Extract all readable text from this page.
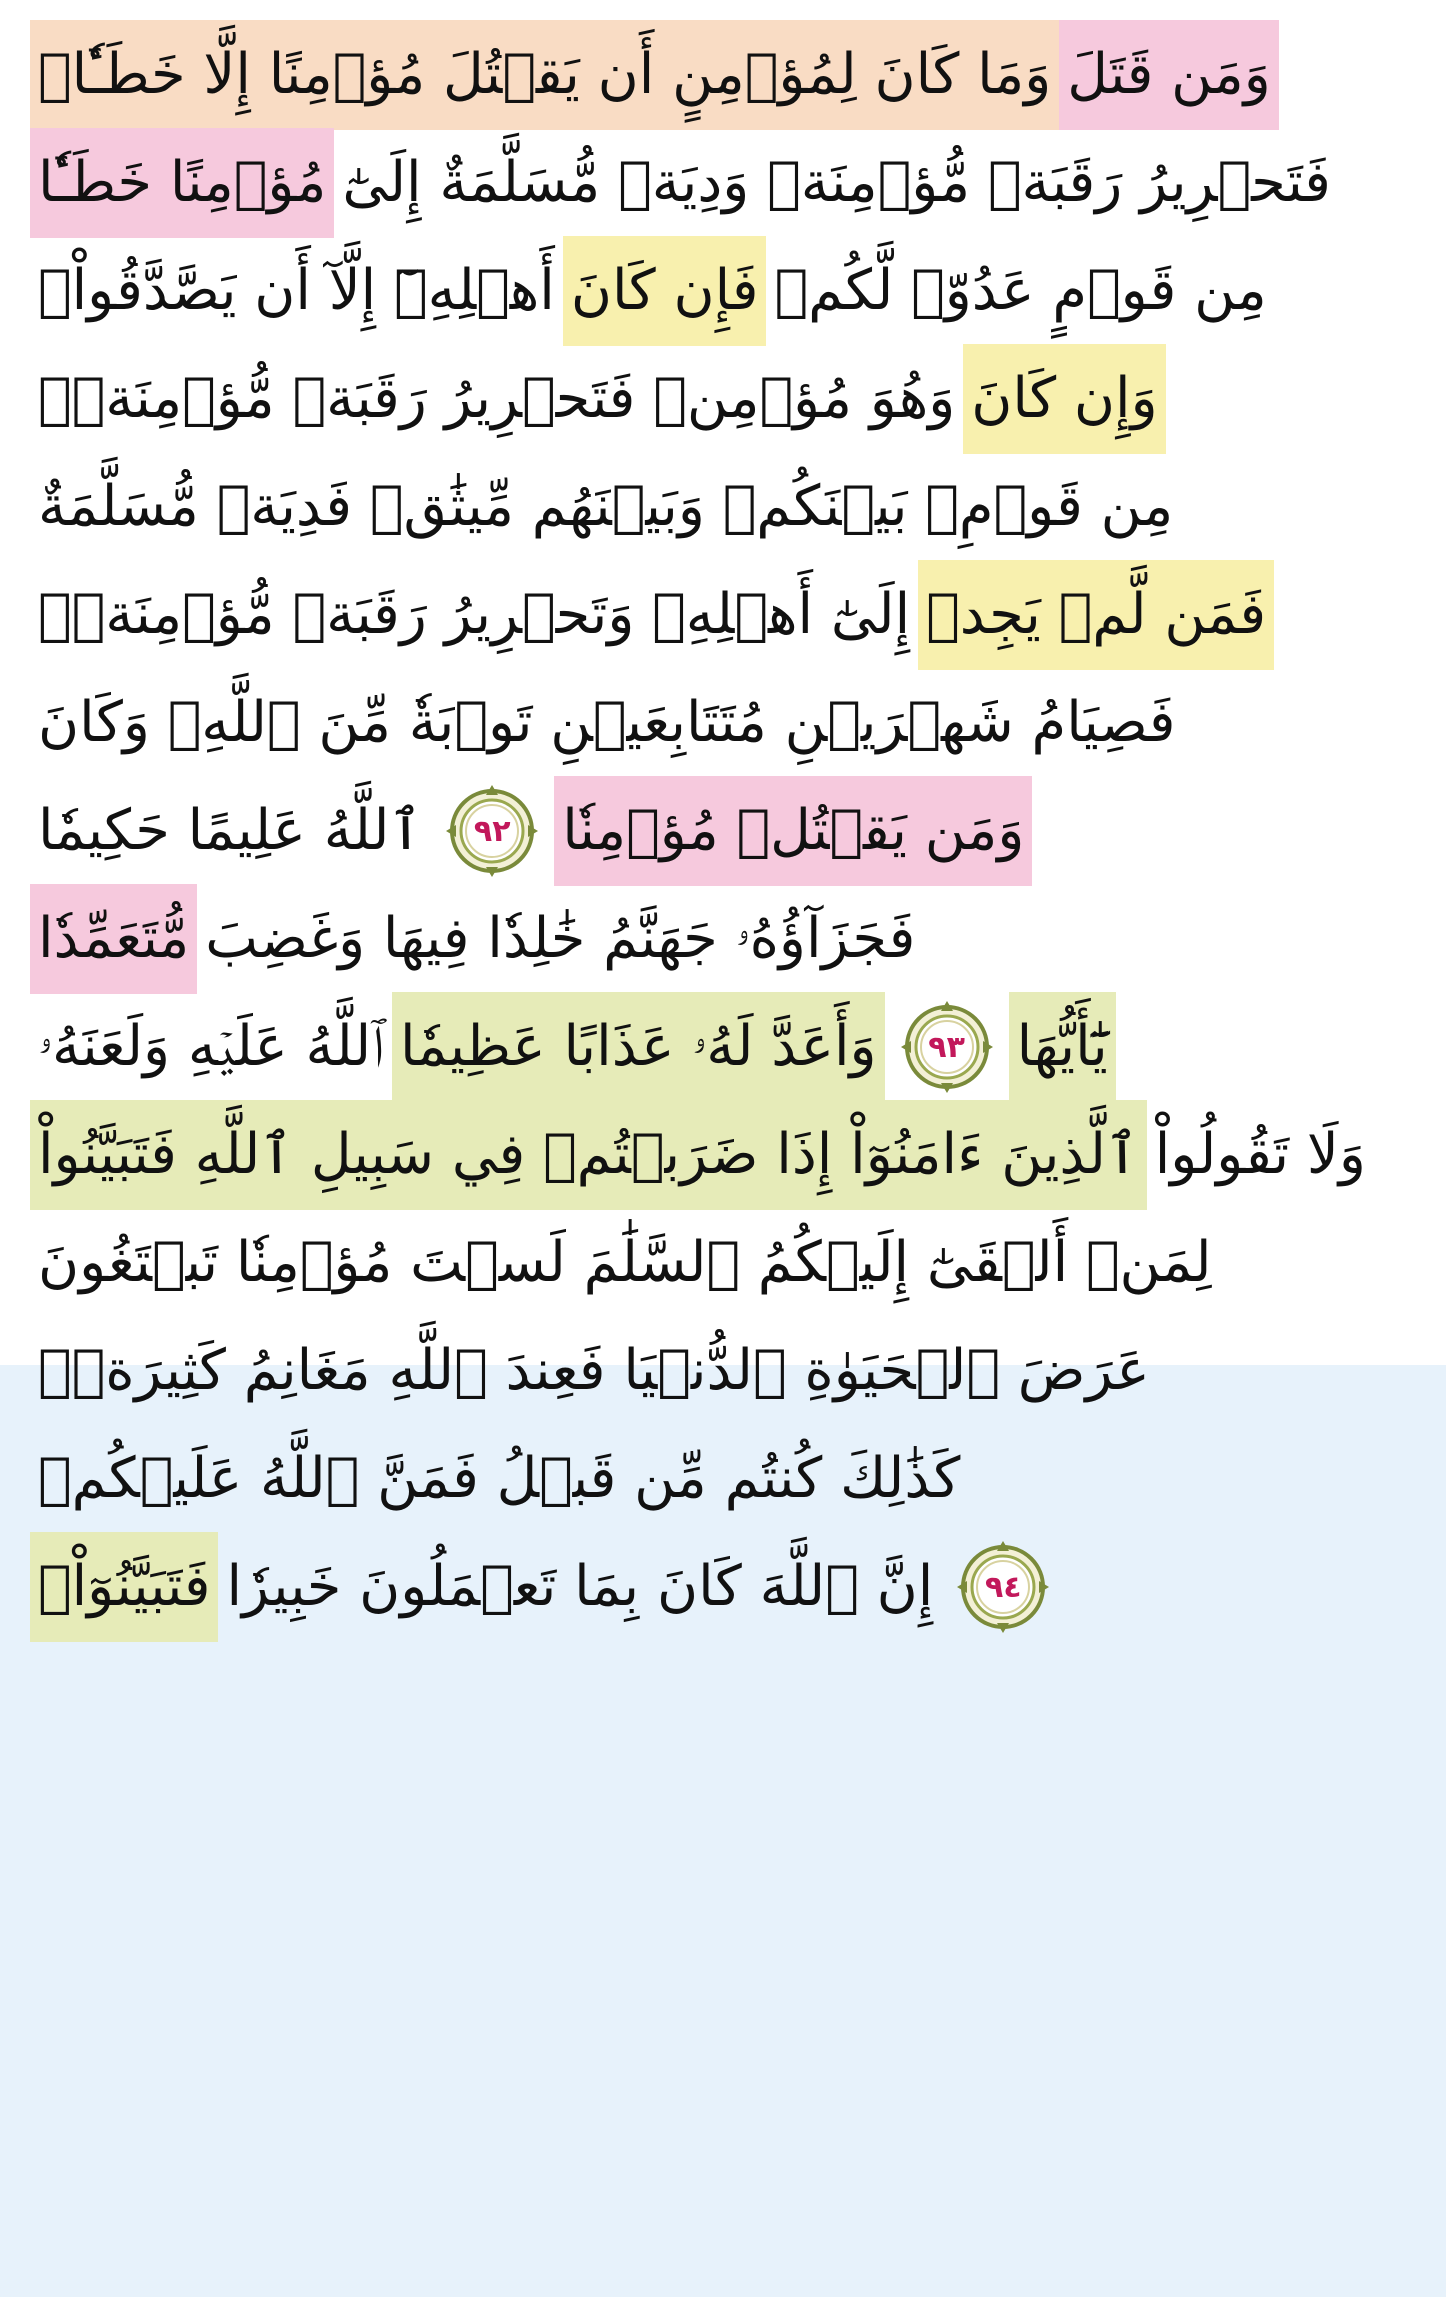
وَمَا كَانَ لِمُؤۡمِنٍ أَن يَقۡتُلَ مُؤۡمِنًا إِلَّا خَطَـٔٗاۚ وَمَن قَتَلَ
مُؤۡمِنًا خَطَـٔٗا فَتَحۡرِيرُ رَقَبَةٖ مُّؤۡمِنَةٖ وَدِيَةٞ مُّسَلَّمَةٌ إِلَىٰٓ
أَهۡلِهِۦٓ إِلَّآ أَن يَصَّدَّقُواْۚ فَإِن كَانَ مِن قَوۡمٍ عَدُوّٖ لَّكُمۡ
وَهُوَ مُؤۡمِنٞ فَتَحۡرِيرُ رَقَبَةٖ مُّؤۡمِنَةٖۖ وَإِن كَانَ
مِن قَوۡمِۭ بَيۡنَكُمۡ وَبَيۡنَهُم مِّيثَٰقٞ فَدِيَةٞ مُّسَلَّمَةٌ
إِلَىٰٓ أَهۡلِهِۦ وَتَحۡرِيرُ رَقَبَةٖ مُّؤۡمِنَةٖۖ فَمَن لَّمۡ يَجِدۡ
فَصِيَامُ شَهۡرَيۡنِ مُتَتَابِعَيۡنِ تَوۡبَةٗ مِّنَ ٱللَّهِۗ وَكَانَ
ٱللَّهُ عَلِيمًا حَكِيمٗا	٩٢ وَمَن يَقۡتُلۡ مُؤۡمِنٗا
مُّتَعَمِّدٗا فَجَزَآؤُهُۥ جَهَنَّمُ خَٰلِدٗا فِيهَا وَغَضِبَ
ٱللَّهُ عَلَيۡهِ وَلَعَنَهُۥ وَأَعَدَّ لَهُۥ عَذَابًا عَظِيمٗا	٩٣ يَٰٓأَيُّهَا
ٱلَّذِينَ ءَامَنُوٓاْ إِذَا ضَرَبۡتُمۡ فِي سَبِيلِ ٱللَّهِ فَتَبَيَّنُواْ وَلَا تَقُولُواْ
لِمَنۡ أَلۡقَىٰٓ إِلَيۡكُمُ ٱلسَّلَٰمَ لَسۡتَ مُؤۡمِنٗا تَبۡتَغُونَ
عَرَضَ ٱلۡحَيَوٰةِ ٱلدُّنۡيَا فَعِندَ ٱللَّهِ مَغَانِمُ كَثِيرَةٞۚ
كَذَٰلِكَ كُنتُم مِّن قَبۡلُ فَمَنَّ ٱللَّهُ عَلَيۡكُمۡ
فَتَبَيَّنُوٓاْۚ إِنَّ ٱللَّهَ كَانَ بِمَا تَعۡمَلُونَ خَبِيرٗا	٩٤
